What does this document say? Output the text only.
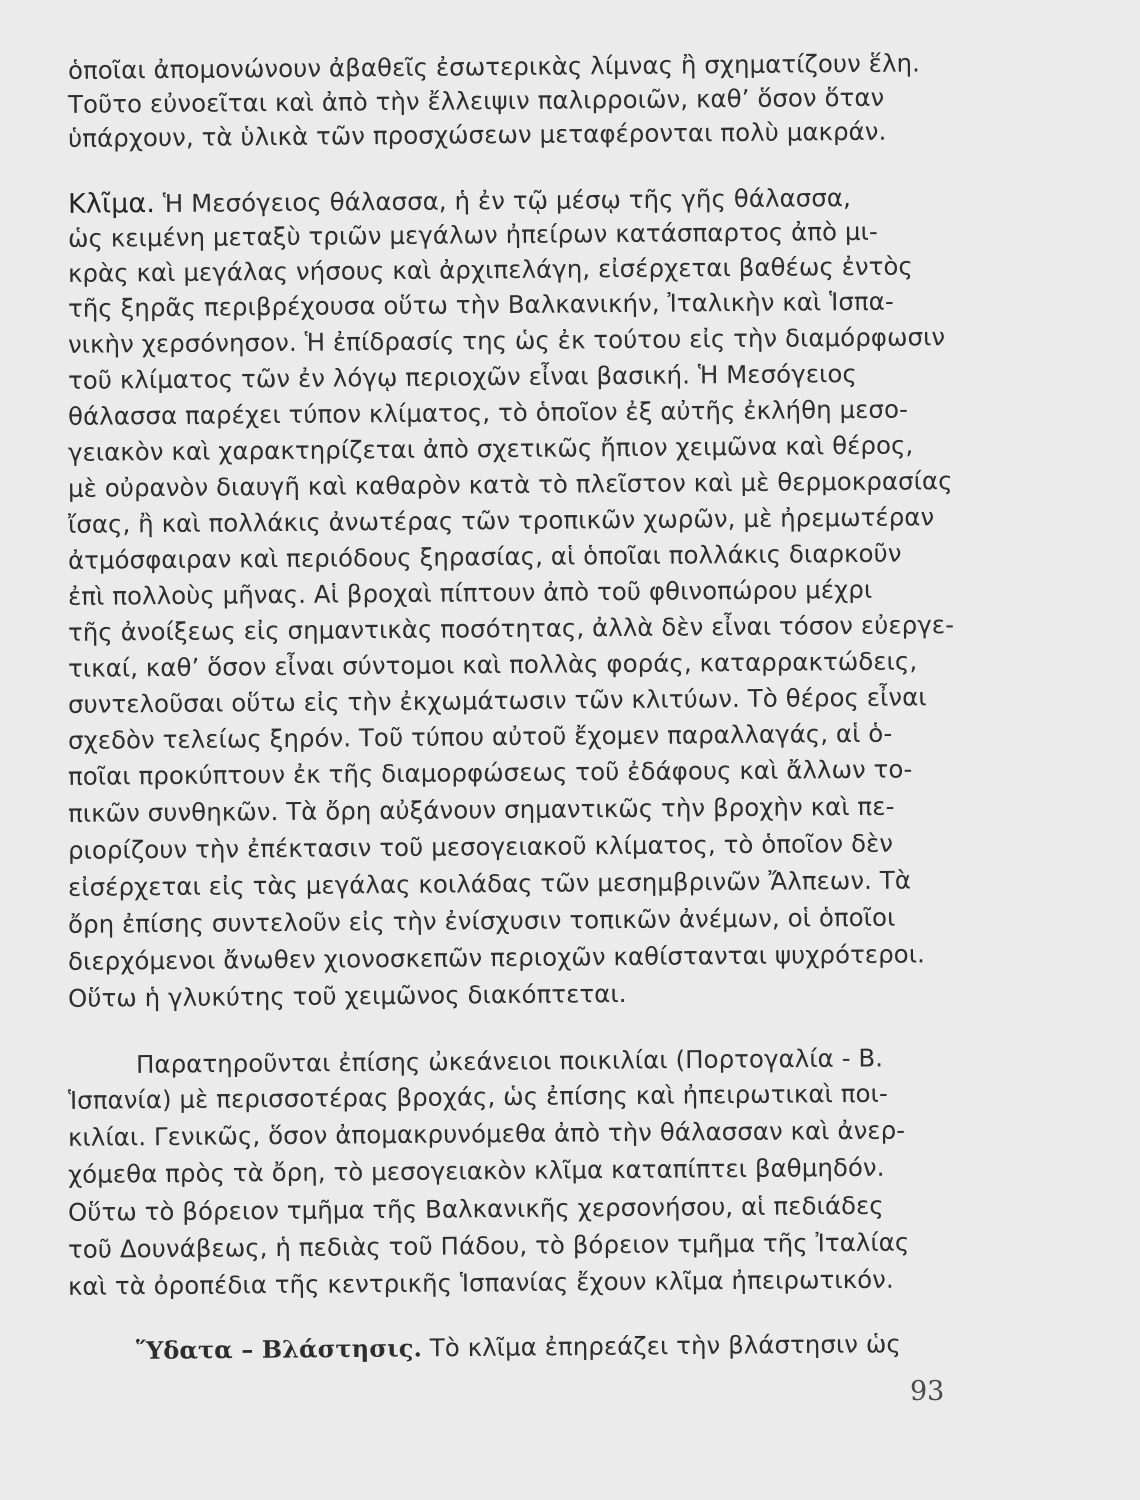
ὁποῖαι ἀπομονώνουν ἀβαθεῖς ἐσωτερικὰς λίμνας ἢ σχηματίζουν ἕλη.
Τοῦτο εὐνοεῖται καὶ ἀπὸ τὴν ἔλλειψιν παλιρροιῶν, καθ’ ὅσον ὅταν
ὑπάρχουν, τὰ ὑλικὰ τῶν προσχώσεων μεταφέρονται πολὺ μακράν.
Κλῖμα. Ἡ Μεσόγειος θάλασσα, ἡ ἐν τῷ μέσῳ τῆς γῆς θάλασσα,
ὡς κειμένη μεταξὺ τριῶν μεγάλων ἠπείρων κατάσπαρτος ἀπὸ μι-
κρὰς καὶ μεγάλας νήσους καὶ ἀρχιπελάγη, εἰσέρχεται βαθέως ἐντὸς
τῆς ξηρᾶς περιβρέχουσα οὕτω τὴν Βαλκανικήν, Ἰταλικὴν καὶ Ἱσπα-
νικὴν χερσόνησον. Ἡ ἐπίδρασίς της ὡς ἐκ τούτου εἰς τὴν διαμόρφωσιν
τοῦ κλίματος τῶν ἐν λόγῳ περιοχῶν εἶναι βασική. Ἡ Μεσόγειος
θάλασσα παρέχει τύπον κλίματος, τὸ ὁποῖον ἐξ αὐτῆς ἐκλήθη μεσο-
γειακὸν καὶ χαρακτηρίζεται ἀπὸ σχετικῶς ἤπιον χειμῶνα καὶ θέρος,
μὲ οὐρανὸν διαυγῆ καὶ καθαρὸν κατὰ τὸ πλεῖστον καὶ μὲ θερμοκρασίας
ἴσας, ἢ καὶ πολλάκις ἀνωτέρας τῶν τροπικῶν χωρῶν, μὲ ἠρεμωτέραν
ἀτμόσφαιραν καὶ περιόδους ξηρασίας, αἱ ὁποῖαι πολλάκις διαρκοῦν
ἐπὶ πολλοὺς μῆνας. Αἱ βροχαὶ πίπτουν ἀπὸ τοῦ φθινοπώρου μέχρι
τῆς ἀνοίξεως εἰς σημαντικὰς ποσότητας, ἀλλὰ δὲν εἶναι τόσον εὐεργε-
τικαί, καθ’ ὅσον εἶναι σύντομοι καὶ πολλὰς φοράς, καταρρακτώδεις,
συντελοῦσαι οὕτω εἰς τὴν ἐκχωμάτωσιν τῶν κλιτύων. Τὸ θέρος εἶναι
σχεδὸν τελείως ξηρόν. Τοῦ τύπου αὐτοῦ ἔχομεν παραλλαγάς, αἱ ὁ-
ποῖαι προκύπτουν ἐκ τῆς διαμορφώσεως τοῦ ἐδάφους καὶ ἄλλων το-
πικῶν συνθηκῶν. Τὰ ὄρη αὐξάνουν σημαντικῶς τὴν βροχὴν καὶ πε-
ριορίζουν τὴν ἐπέκτασιν τοῦ μεσογειακοῦ κλίματος, τὸ ὁποῖον δὲν
εἰσέρχεται εἰς τὰς μεγάλας κοιλάδας τῶν μεσημβρινῶν Ἄλπεων. Τὰ
ὄρη ἐπίσης συντελοῦν εἰς τὴν ἐνίσχυσιν τοπικῶν ἀνέμων, οἱ ὁποῖοι
διερχόμενοι ἄνωθεν χιονοσκεπῶν περιοχῶν καθίστανται ψυχρότεροι.
Οὕτω ἡ γλυκύτης τοῦ χειμῶνος διακόπτεται.
Παρατηροῦνται ἐπίσης ὠκεάνειοι ποικιλίαι (Πορτογαλία - Β.
Ἱσπανία) μὲ περισσοτέρας βροχάς, ὡς ἐπίσης καὶ ἠπειρωτικαὶ ποι-
κιλίαι. Γενικῶς, ὅσον ἀπομακρυνόμεθα ἀπὸ τὴν θάλασσαν καὶ ἀνερ-
χόμεθα πρὸς τὰ ὄρη, τὸ μεσογειακὸν κλῖμα καταπίπτει βαθμηδόν.
Οὕτω τὸ βόρειον τμῆμα τῆς Βαλκανικῆς χερσονήσου, αἱ πεδιάδες
τοῦ Δουνάβεως, ἡ πεδιὰς τοῦ Πάδου, τὸ βόρειον τμῆμα τῆς Ἰταλίας
καὶ τὰ ὀροπέδια τῆς κεντρικῆς Ἱσπανίας ἔχουν κλῖμα ἠπειρωτικόν.
Ὕδατα – Βλάστησις. Τὸ κλῖμα ἐπηρεάζει τὴν βλάστησιν ὡς
93
